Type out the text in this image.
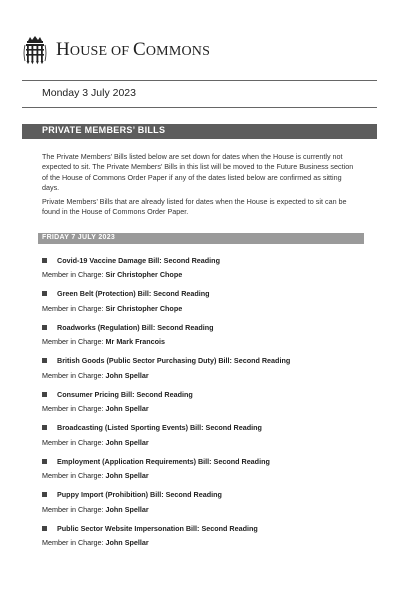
HOUSE OF COMMONS
Monday 3 July 2023
PRIVATE MEMBERS’ BILLS

The Private Members’ Bills listed below are set down for dates when the House is currently not expected to sit. The Private Members’ Bills in this list will be moved to the Future Business section of the House of Commons Order Paper if any of the dates listed below are confirmed as sitting days.

Private Members’ Bills that are already listed for dates when the House is expected to sit can be found in the House of Commons Order Paper.

FRIDAY 7 JULY 2023
Covid-19 Vaccine Damage Bill: Second Reading
Member in Charge: Sir Christopher Chope
Green Belt (Protection) Bill: Second Reading
Member in Charge: Sir Christopher Chope
Roadworks (Regulation) Bill: Second Reading
Member in Charge: Mr Mark Francois
British Goods (Public Sector Purchasing Duty) Bill: Second Reading
Member in Charge: John Spellar
Consumer Pricing Bill: Second Reading
Member in Charge: John Spellar
Broadcasting (Listed Sporting Events) Bill: Second Reading
Member in Charge: John Spellar
Employment (Application Requirements) Bill: Second Reading
Member in Charge: John Spellar
Puppy Import (Prohibition) Bill: Second Reading
Member in Charge: John Spellar
Public Sector Website Impersonation Bill: Second Reading
Member in Charge: John Spellar
